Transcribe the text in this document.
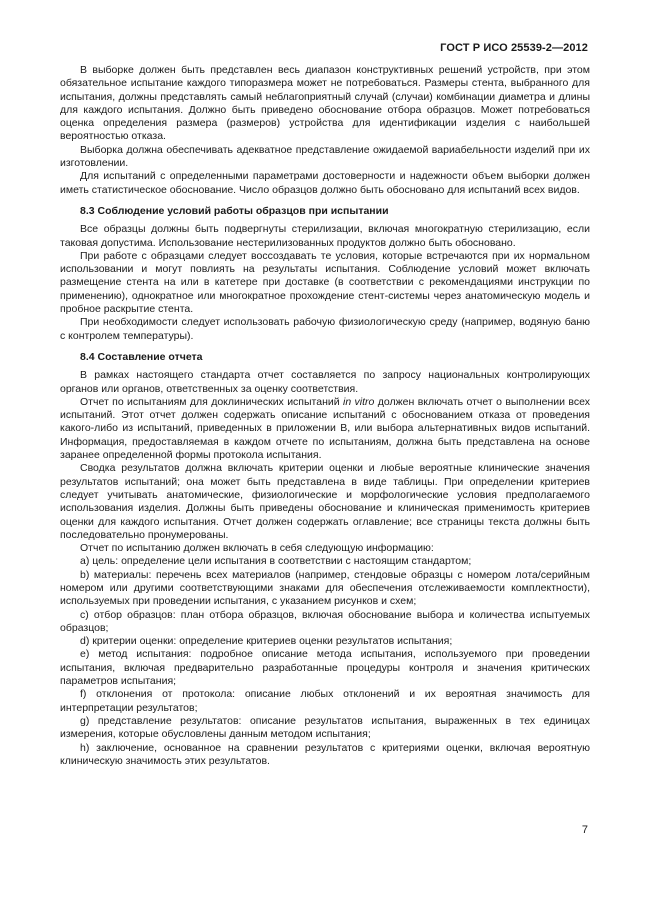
ГОСТ Р ИСО 25539-2—2012

В выборке должен быть представлен весь диапазон конструктивных решений устройств, при этом обязательное испытание каждого типоразмера может не потребоваться. Размеры стента, выбранного для испытания, должны представлять самый неблагоприятный случай (случаи) комбинации диаметра и длины для каждого испытания. Должно быть приведено обоснование отбора образцов. Может потребоваться оценка определения размера (размеров) устройства для идентификации изделия с наибольшей вероятностью отказа.

Выборка должна обеспечивать адекватное представление ожидаемой вариабельности изделий при их изготовлении.

Для испытаний с определенными параметрами достоверности и надежности объем выборки должен иметь статистическое обоснование. Число образцов должно быть обосновано для испытаний всех видов.

8.3 Соблюдение условий работы образцов при испытании

Все образцы должны быть подвергнуты стерилизации, включая многократную стерилизацию, если таковая допустима. Использование нестерилизованных продуктов должно быть обосновано.

При работе с образцами следует воссоздавать те условия, которые встречаются при их нормальном использовании и могут повлиять на результаты испытания. Соблюдение условий может включать размещение стента на или в катетере при доставке (в соответствии с рекомендациями инструкции по применению), однократное или многократное прохождение стент-системы через анатомическую модель и пробное раскрытие стента.

При необходимости следует использовать рабочую физиологическую среду (например, водяную баню с контролем температуры).

8.4 Составление отчета

В рамках настоящего стандарта отчет составляется по запросу национальных контролирующих органов или органов, ответственных за оценку соответствия.

Отчет по испытаниям для доклинических испытаний in vitro должен включать отчет о выполнении всех испытаний. Этот отчет должен содержать описание испытаний с обоснованием отказа от проведения какого-либо из испытаний, приведенных в приложении В, или выбора альтернативных видов испытаний. Информация, предоставляемая в каждом отчете по испытаниям, должна быть представлена на основе заранее определенной формы протокола испытания.

Сводка результатов должна включать критерии оценки и любые вероятные клинические значения результатов испытаний; она может быть представлена в виде таблицы. При определении критериев следует учитывать анатомические, физиологические и морфологические условия предполагаемого использования изделия. Должны быть приведены обоснование и клиническая применимость критериев оценки для каждого испытания. Отчет должен содержать оглавление; все страницы текста должны быть последовательно пронумерованы.

Отчет по испытанию должен включать в себя следующую информацию:

a) цель: определение цели испытания в соответствии с настоящим стандартом;

b) материалы: перечень всех материалов (например, стендовые образцы с номером лота/серийным номером или другими соответствующими знаками для обеспечения отслеживаемости комплектности), используемых при проведении испытания, с указанием рисунков и схем;

c) отбор образцов: план отбора образцов, включая обоснование выбора и количества испытуемых образцов;

d) критерии оценки: определение критериев оценки результатов испытания;

e) метод испытания: подробное описание метода испытания, используемого при проведении испытания, включая предварительно разработанные процедуры контроля и значения критических параметров испытания;

f) отклонения от протокола: описание любых отклонений и их вероятная значимость для интерпретации результатов;

g) представление результатов: описание результатов испытания, выраженных в тех единицах измерения, которые обусловлены данным методом испытания;

h) заключение, основанное на сравнении результатов с критериями оценки, включая вероятную клиническую значимость этих результатов.

7
